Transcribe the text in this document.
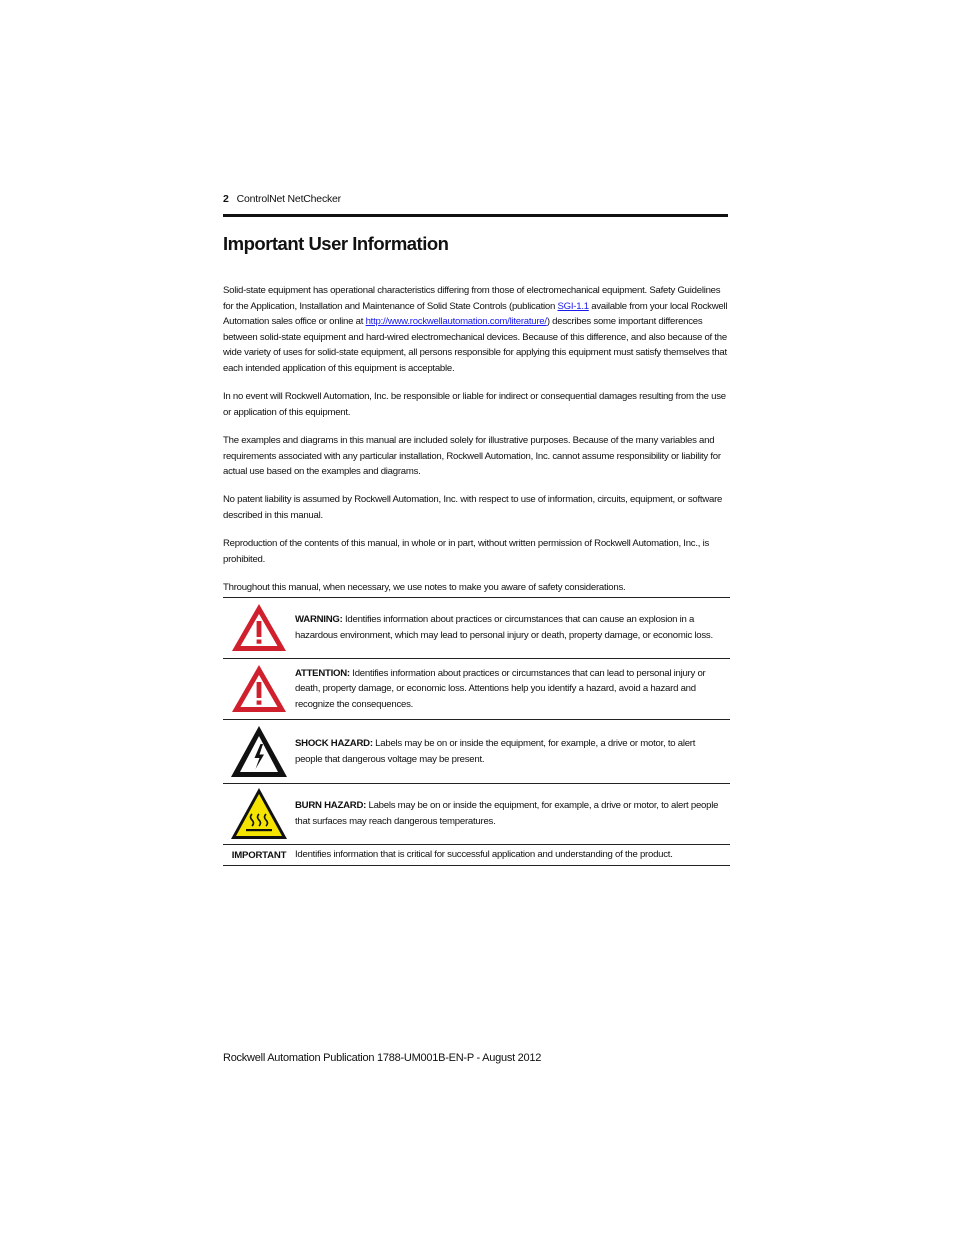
2 ControlNet NetChecker
Important User Information

Solid-state equipment has operational characteristics differing from those of electromechanical equipment. Safety Guidelines for the Application, Installation and Maintenance of Solid State Controls (publication SGI-1.1 available from your local Rockwell Automation sales office or online at http://www.rockwellautomation.com/literature/) describes some important differences between solid-state equipment and hard-wired electromechanical devices. Because of this difference, and also because of the wide variety of uses for solid-state equipment, all persons responsible for applying this equipment must satisfy themselves that each intended application of this equipment is acceptable.

In no event will Rockwell Automation, Inc. be responsible or liable for indirect or consequential damages resulting from the use or application of this equipment.

The examples and diagrams in this manual are included solely for illustrative purposes. Because of the many variables and requirements associated with any particular installation, Rockwell Automation, Inc. cannot assume responsibility or liability for actual use based on the examples and diagrams.

No patent liability is assumed by Rockwell Automation, Inc. with respect to use of information, circuits, equipment, or software described in this manual.

Reproduction of the contents of this manual, in whole or in part, without written permission of Rockwell Automation, Inc., is prohibited.

Throughout this manual, when necessary, we use notes to make you aware of safety considerations.

WARNING: Identifies information about practices or circumstances that can cause an explosion in a hazardous environment, which may lead to personal injury or death, property damage, or economic loss.
ATTENTION: Identifies information about practices or circumstances that can lead to personal injury or death, property damage, or economic loss. Attentions help you identify a hazard, avoid a hazard and recognize the consequences.
SHOCK HAZARD: Labels may be on or inside the equipment, for example, a drive or motor, to alert people that dangerous voltage may be present.
BURN HAZARD: Labels may be on or inside the equipment, for example, a drive or motor, to alert people that surfaces may reach dangerous temperatures.
IMPORTANT Identifies information that is critical for successful application and understanding of the product.
Rockwell Automation Publication 1788-UM001B-EN-P - August 2012
